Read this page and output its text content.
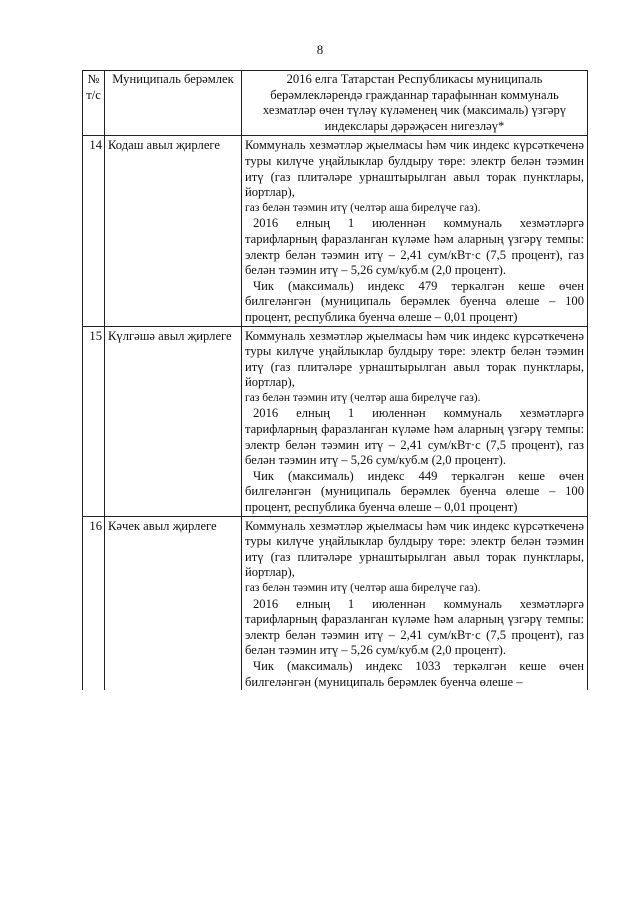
8
№ т/с	Муниципаль берәмлек	2016 елга Татарстан Республикасы муниципаль берәмлекләрендә гражданнар тарафыннан коммуналь хезматләр өчен түләү күләменең чик (максималь) үзгәрү индекслары дәрәҗәсен нигезләү*
14	Кодаш авыл җирлеге	Коммуналь хезмәтләр җыелмасы һәм чик индекс күрсәткеченә туры килүче уңайлыклар булдыру төре: электр белән тәэмин итү (газ плитәләре урнаштырылган авыл торак пунктлары, йортлар),

газ белән тәэмин итү (челтәр аша бирелүче газ).

2016 елның 1 июленнән коммуналь хезмәтләргә тарифларның фаразланган күләме һәм аларның үзгәрү темпы: электр белән тәэмин итү – 2,41 сум/кВт·с (7,5 процент), газ белән тәэмин итү – 5,26 сум/куб.м (2,0 процент).

Чик (максималь) индекс 479 теркәлгән кеше өчен билгеләнгән (муниципаль берәмлек буенча өлеше – 100 процент, республика буенча өлеше – 0,01 процент)

15	Күлгәшә авыл җирлеге	Коммуналь хезмәтләр җыелмасы һәм чик индекс күрсәткеченә туры килүче уңайлыклар булдыру төре: электр белән тәэмин итү (газ плитәләре урнаштырылган авыл торак пунктлары, йортлар),

газ белән тәэмин итү (челтәр аша бирелүче газ).

2016 елның 1 июленнән коммуналь хезмәтләргә тарифларның фаразланган күләме һәм аларның үзгәрү темпы: электр белән тәэмин итү – 2,41 сум/кВт·с (7,5 процент), газ белән тәэмин итү – 5,26 сум/куб.м (2,0 процент).

Чик (максималь) индекс 449 теркәлгән кеше өчен билгеләнгән (муниципаль берәмлек буенча өлеше – 100 процент, республика буенча өлеше – 0,01 процент)

16	Кәчек авыл җирлеге	Коммуналь хезмәтләр җыелмасы һәм чик индекс күрсәткеченә туры килүче уңайлыклар булдыру төре: электр белән тәэмин итү (газ плитәләре урнаштырылган авыл торак пунктлары, йортлар),

газ белән тәэмин итү (челтәр аша бирелүче газ).

2016 елның 1 июленнән коммуналь хезмәтләргә тарифларның фаразланган күләме һәм аларның үзгәрү темпы: электр белән тәэмин итү – 2,41 сум/кВт·с (7,5 процент), газ белән тәэмин итү – 5,26 сум/куб.м (2,0 процент).

Чик (максималь) индекс 1033 теркәлгән кеше өчен билгеләнгән (муниципаль берәмлек буенча өлеше –
